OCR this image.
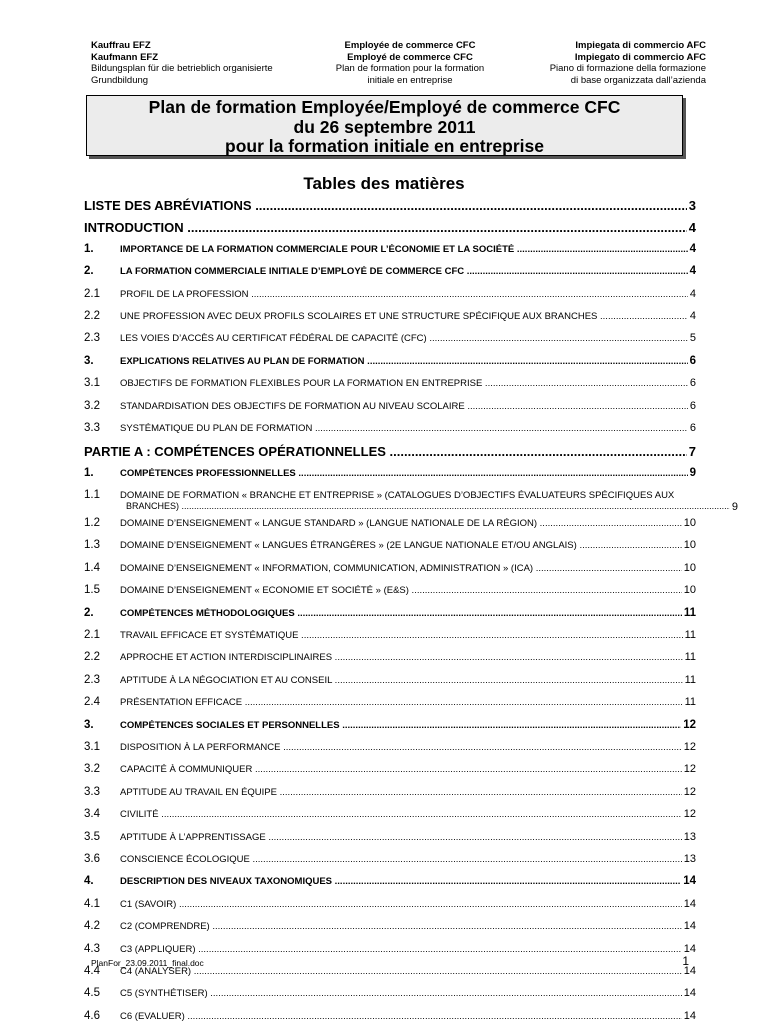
Kauffrau EFZ
Kaufmann EFZ
Bildungsplan für die betrieblich organisierte
Grundbildung
Employée de commerce CFC
Employé de commerce CFC
Plan de formation pour la formation
initiale en entreprise
Impiegata di commercio AFC
Impiegato di commercio AFC
Piano di formazione della formazione
di base organizzata dall’azienda
Plan de formation Employée/Employé de commerce CFC
du 26 septembre 2011
pour la formation initiale en entreprise
Tables des matières
LISTE DES ABRÉVIATIONS .....	3
INTRODUCTION .....	4
1.	IMPORTANCE DE LA FORMATION COMMERCIALE POUR L’ÉCONOMIE ET LA SOCIÉTÉ .....	4
2.	LA FORMATION COMMERCIALE INITIALE D’EMPLOYÉ DE COMMERCE CFC .....	4
2.1	PROFIL DE LA PROFESSION .....	4
2.2	UNE PROFESSION AVEC DEUX PROFILS SCOLAIRES ET UNE STRUCTURE SPÉCIFIQUE AUX BRANCHES .....	4
2.3	LES VOIES D’ACCÈS AU CERTIFICAT FÉDÉRAL DE CAPACITÉ (CFC) .....	5
3.	EXPLICATIONS RELATIVES AU PLAN DE FORMATION .....	6
3.1	OBJECTIFS DE FORMATION FLEXIBLES POUR LA FORMATION EN ENTREPRISE .....	6
3.2	STANDARDISATION DES OBJECTIFS DE FORMATION AU NIVEAU SCOLAIRE .....	6
3.3	SYSTÉMATIQUE DU PLAN DE FORMATION .....	6
PARTIE A : COMPÉTENCES OPÉRATIONNELLES .....	7
1.	COMPÉTENCES PROFESSIONNELLES .....	9
1.1	DOMAINE DE FORMATION « BRANCHE ET ENTREPRISE » (CATALOGUES D’OBJECTIFS ÉVALUATEURS SPÉCIFIQUES AUX
BRANCHES) .....	9
1.2	DOMAINE D’ENSEIGNEMENT « LANGUE STANDARD » (LANGUE NATIONALE DE LA RÉGION) .....	10
1.3	DOMAINE D’ENSEIGNEMENT « LANGUES ÉTRANGÈRES » (2E LANGUE NATIONALE ET/OU ANGLAIS) .....	10
1.4	DOMAINE D’ENSEIGNEMENT « INFORMATION, COMMUNICATION, ADMINISTRATION » (ICA) .....	10
1.5	DOMAINE D’ENSEIGNEMENT « ECONOMIE ET SOCIÉTÉ » (E&S) .....	10
2.	COMPÉTENCES MÉTHODOLOGIQUES .....	11
2.1	TRAVAIL EFFICACE ET SYSTÉMATIQUE .....	11
2.2	APPROCHE ET ACTION INTERDISCIPLINAIRES .....	11
2.3	APTITUDE À LA NÉGOCIATION ET AU CONSEIL .....	11
2.4	PRÉSENTATION EFFICACE .....	11
3.	COMPÉTENCES SOCIALES ET PERSONNELLES .....	12
3.1	DISPOSITION À LA PERFORMANCE .....	12
3.2	CAPACITÉ À COMMUNIQUER .....	12
3.3	APTITUDE AU TRAVAIL EN ÉQUIPE .....	12
3.4	CIVILITÉ .....	12
3.5	APTITUDE À L’APPRENTISSAGE .....	13
3.6	CONSCIENCE ÉCOLOGIQUE .....	13
4.	DESCRIPTION DES NIVEAUX TAXONOMIQUES .....	14
4.1	C1 (SAVOIR) .....	14
4.2	C2 (COMPRENDRE) .....	14
4.3	C3 (APPLIQUER) .....	14
4.4	C4 (ANALYSER) .....	14
4.5	C5 (SYNTHÉTISER) .....	14
4.6	C6 (EVALUER) .....	14
PlanFor_23.09.2011_final.doc	1
